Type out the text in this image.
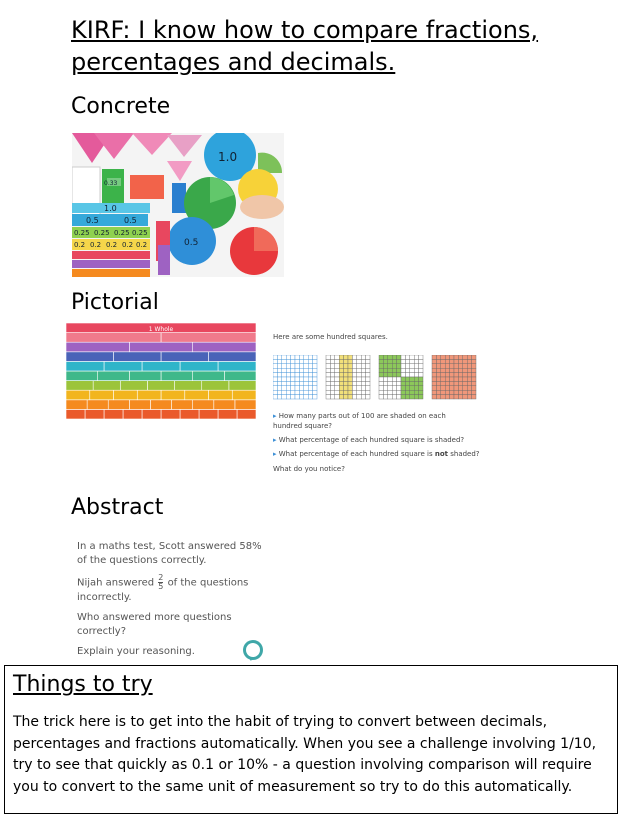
KIRF: I know how to compare fractions,
percentages and decimals.
Concrete
1.0
1.0
0.5	0.5
0.25 0.25 0.25 0.25
0.2 0.2 0.2 0.2 0.2	0.5
0.33
Pictorial
1 Whole
Here are some hundred squares.
▸ How many parts out of 100 are shaded on each hundred square?
▸ What percentage of each hundred square is shaded?
▸ What percentage of each hundred square is not shaded?
What do you notice?
Abstract

In a maths test, Scott answered 58% of the questions correctly.

Nijah answered $\frac{2}{5}$ of the questions incorrectly.

Who answered more questions correctly?

Explain your reasoning.

Things to try
The trick here is to get into the habit of trying to convert between decimals, percentages and fractions automatically. When you see a challenge involving 1/10, try to see that quickly as 0.1 or 10% - a question involving comparison will require you to convert to the same unit of measurement so try to do this automatically.
